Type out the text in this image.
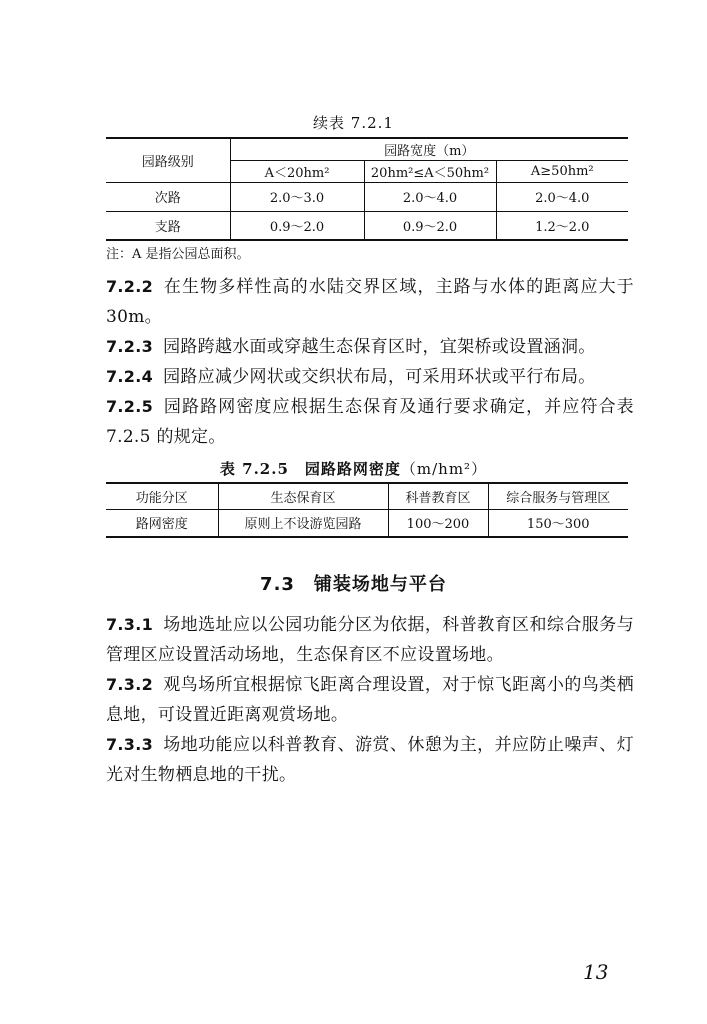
续表 7.2.1
园路级别	园路宽度（m）		
	A＜20hm²	20hm²≤A＜50hm²	A≥50hm²
次路	2.0～3.0	2.0～4.0	2.0～4.0
支路	0.9～2.0	0.9～2.0	1.2～2.0
注：A 是指公园总面积。
7.2.2 在生物多样性高的水陆交界区域，主路与水体的距离应大于 30m。
7.2.3 园路跨越水面或穿越生态保育区时，宜架桥或设置涵洞。
7.2.4 园路应减少网状或交织状布局，可采用环状或平行布局。
7.2.5 园路路网密度应根据生态保育及通行要求确定，并应符合表 7.2.5 的规定。
表 7.2.5　园路路网密度（m/hm²）
功能分区	生态保育区	科普教育区	综合服务与管理区
路网密度	原则上不设游览园路	100～200	150～300
7.3　铺装场地与平台
7.3.1 场地选址应以公园功能分区为依据，科普教育区和综合服务与管理区应设置活动场地，生态保育区不应设置场地。
7.3.2 观鸟场所宜根据惊飞距离合理设置，对于惊飞距离小的鸟类栖息地，可设置近距离观赏场地。
7.3.3 场地功能应以科普教育、游赏、休憩为主，并应防止噪声、灯光对生物栖息地的干扰。
13
